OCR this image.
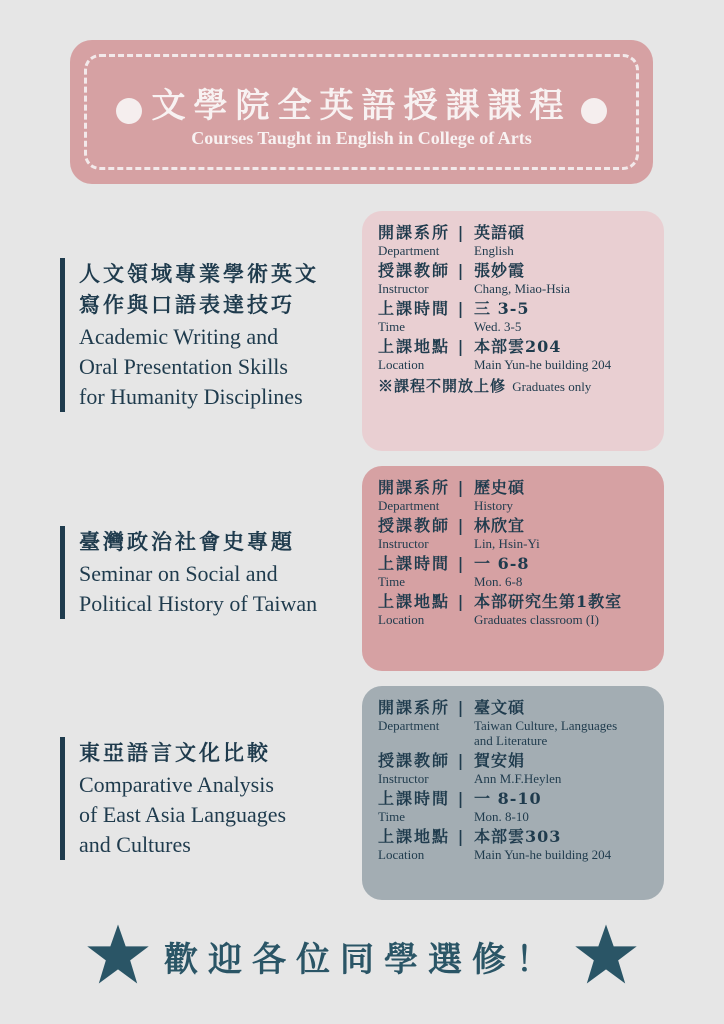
文學院全英語授課課程
Courses Taught in English in College of Arts
人文領域專業學術英文
寫作與口語表達技巧
Academic Writing and
Oral Presentation Skills
for Humanity Disciplines
開課系所 |
Department
英語碩
English
授課教師 |
Instructor
張妙霞
Chang, Miao-Hsia
上課時間 |
Time
三 3-5
Wed. 3-5
上課地點 |
Location
本部雲204
Main Yun-he building 204
※課程不開放上修 Graduates only
臺灣政治社會史專題
Seminar on Social and
Political History of Taiwan
開課系所 |
Department
歷史碩
History
授課教師 |
Instructor
林欣宜
Lin, Hsin-Yi
上課時間 |
Time
一 6-8
Mon. 6-8
上課地點 |
Location
本部研究生第1教室
Graduates classroom (I)
東亞語言文化比較
Comparative Analysis
of East Asia Languages
and Cultures
開課系所 |
Department
臺文碩
Taiwan Culture, Languages
and Literature
授課教師 |
Instructor
賀安娟
Ann M.F.Heylen
上課時間 |
Time
一 8-10
Mon. 8-10
上課地點 |
Location
本部雲303
Main Yun-he building 204
歡迎各位同學選修！
